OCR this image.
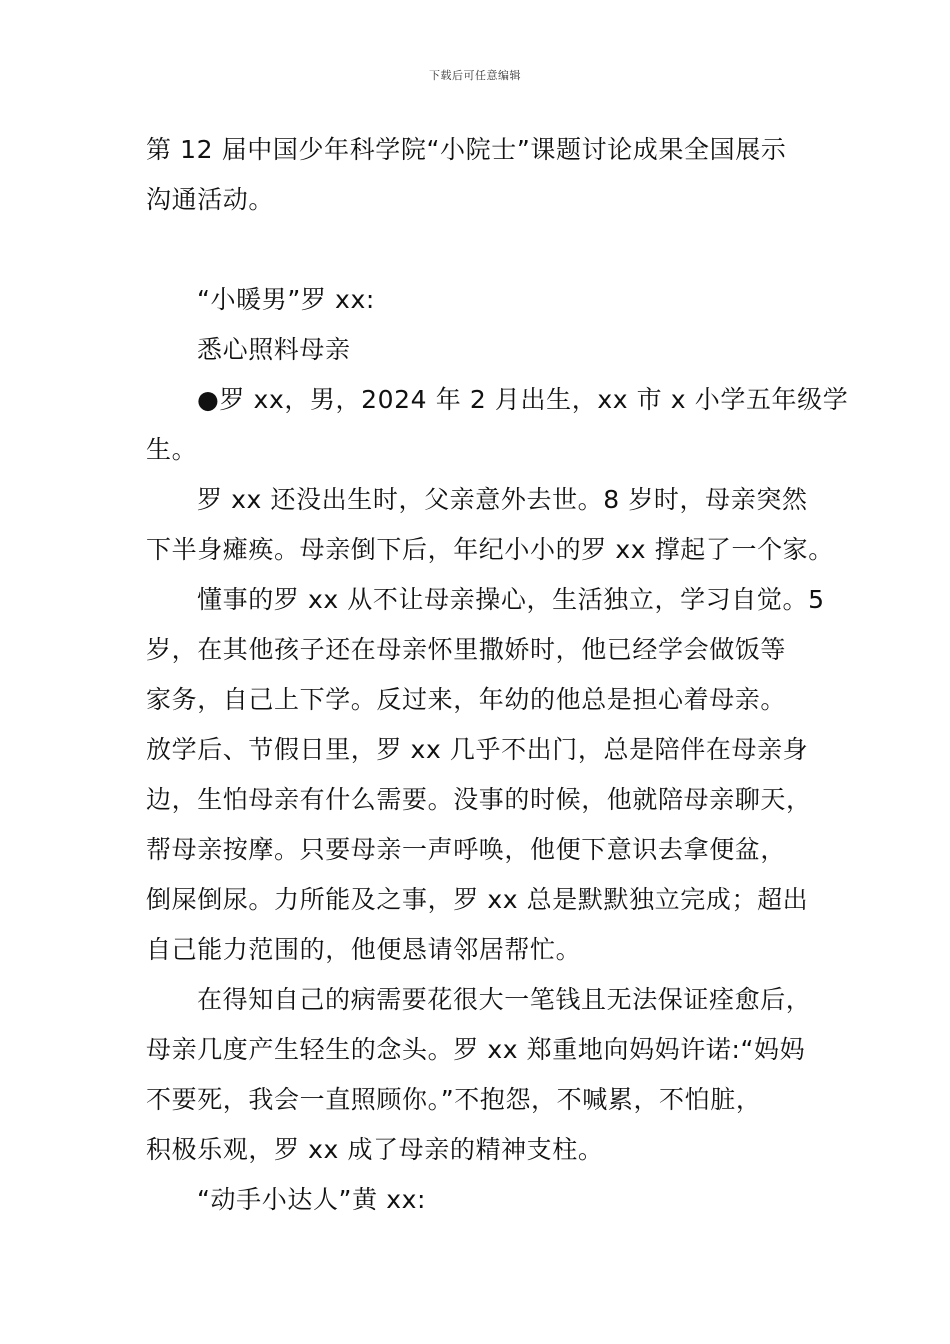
下载后可任意编辑
第 12 届中国少年科学院“小院士”课题讨论成果全国展示
沟通活动。
“小暖男”罗 xx:
悉心照料母亲
●罗 xx，男，2024 年 2 月出生，xx 市 x 小学五年级学
生。
罗 xx 还没出生时，父亲意外去世。8 岁时，母亲突然
下半身瘫痪。母亲倒下后，年纪小小的罗 xx 撑起了一个家。
懂事的罗 xx 从不让母亲操心，生活独立，学习自觉。5
岁，在其他孩子还在母亲怀里撒娇时，他已经学会做饭等
家务，自己上下学。反过来，年幼的他总是担心着母亲。
放学后、节假日里，罗 xx 几乎不出门，总是陪伴在母亲身
边，生怕母亲有什么需要。没事的时候，他就陪母亲聊天，
帮母亲按摩。只要母亲一声呼唤，他便下意识去拿便盆，
倒屎倒尿。力所能及之事，罗 xx 总是默默独立完成；超出
自己能力范围的，他便恳请邻居帮忙。
在得知自己的病需要花很大一笔钱且无法保证痊愈后，
母亲几度产生轻生的念头。罗 xx 郑重地向妈妈许诺:“妈妈
不要死，我会一直照顾你。”不抱怨，不喊累，不怕脏，
积极乐观，罗 xx 成了母亲的精神支柱。
“动手小达人”黄 xx:
